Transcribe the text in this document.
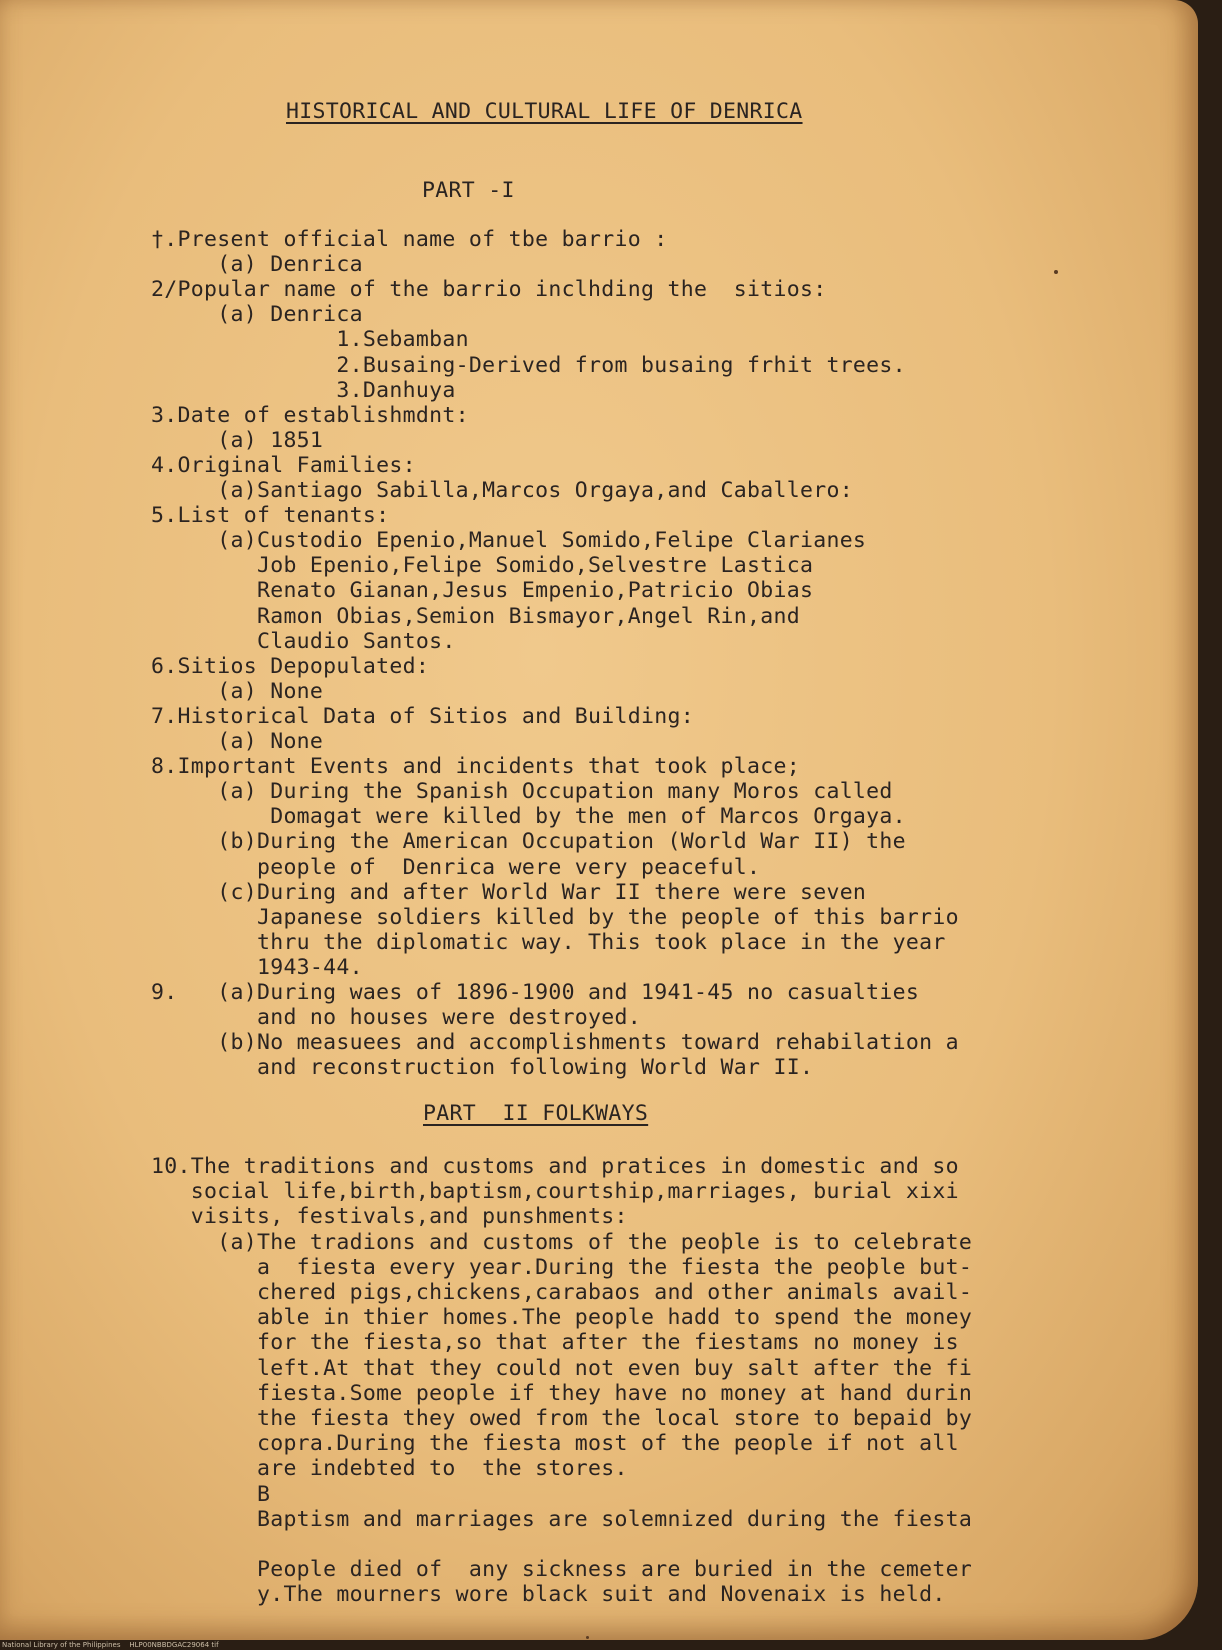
HISTORICAL AND CULTURAL LIFE OF DENRICA
PART -I
†.Present official name of tbe barrio :
(a) Denrica
2/Popular name of the barrio inclhding the  sitios:
(a) Denrica
1.Sebamban
2.Busaing-Derived from busaing frhit trees.
3.Danhuya
3.Date of establishmdnt:
(a) 1851
4.Original Families:
(a)Santiago Sabilla,Marcos Orgaya,and Caballero:
5.List of tenants:
(a)Custodio Epenio,Manuel Somido,Felipe Clarianes
Job Epenio,Felipe Somido,Selvestre Lastica
Renato Gianan,Jesus Empenio,Patricio Obias
Ramon Obias,Semion Bismayor,Angel Rin,and
Claudio Santos.
6.Sitios Depopulated:
(a) None
7.Historical Data of Sitios and Building:
(a) None
8.Important Events and incidents that took place;
(a) During the Spanish Occupation many Moros called
Domagat were killed by the men of Marcos Orgaya.
(b)During the American Occupation (World War II) the
people of  Denrica were very peaceful.
(c)During and after World War II there were seven
Japanese soldiers killed by the people of this barrio
thru the diplomatic way. This took place in the year
1943-44.
9.   (a)During waes of 1896-1900 and 1941-45 no casualties
and no houses were destroyed.
(b)No measuees and accomplishments toward rehabilation a
and reconstruction following World War II.
PART  II FOLKWAYS
10.The traditions and customs and pratices in domestic and so
social life,birth,baptism,courtship,marriages, burial xixi
visits, festivals,and punshments:
(a)The tradions and customs of the peoþle is to celebrate
a  fiesta every year.During the fiesta the peoþle but-
chered pigs,chickens,carabaos and other animals avail-
able in thier homes.The people hadd to spend the money
for the fiesta,so that after the fiestams no money is
left.At that they could not even buy salt after the fi
fiesta.Some people if they have no money at hand durin
the fiesta they owed from the local store to bepaid by
copra.During the fiesta most of the people if not all
are indebted to  the stores.
B
Baptism and marriages are solemnized during the fiesta
People died of  any sickness are buried in the cemeter
y.The mourners wore black suit and Novenaix is held.
National Library of the Philippines    HLP00NBBDGAC29064 tif
